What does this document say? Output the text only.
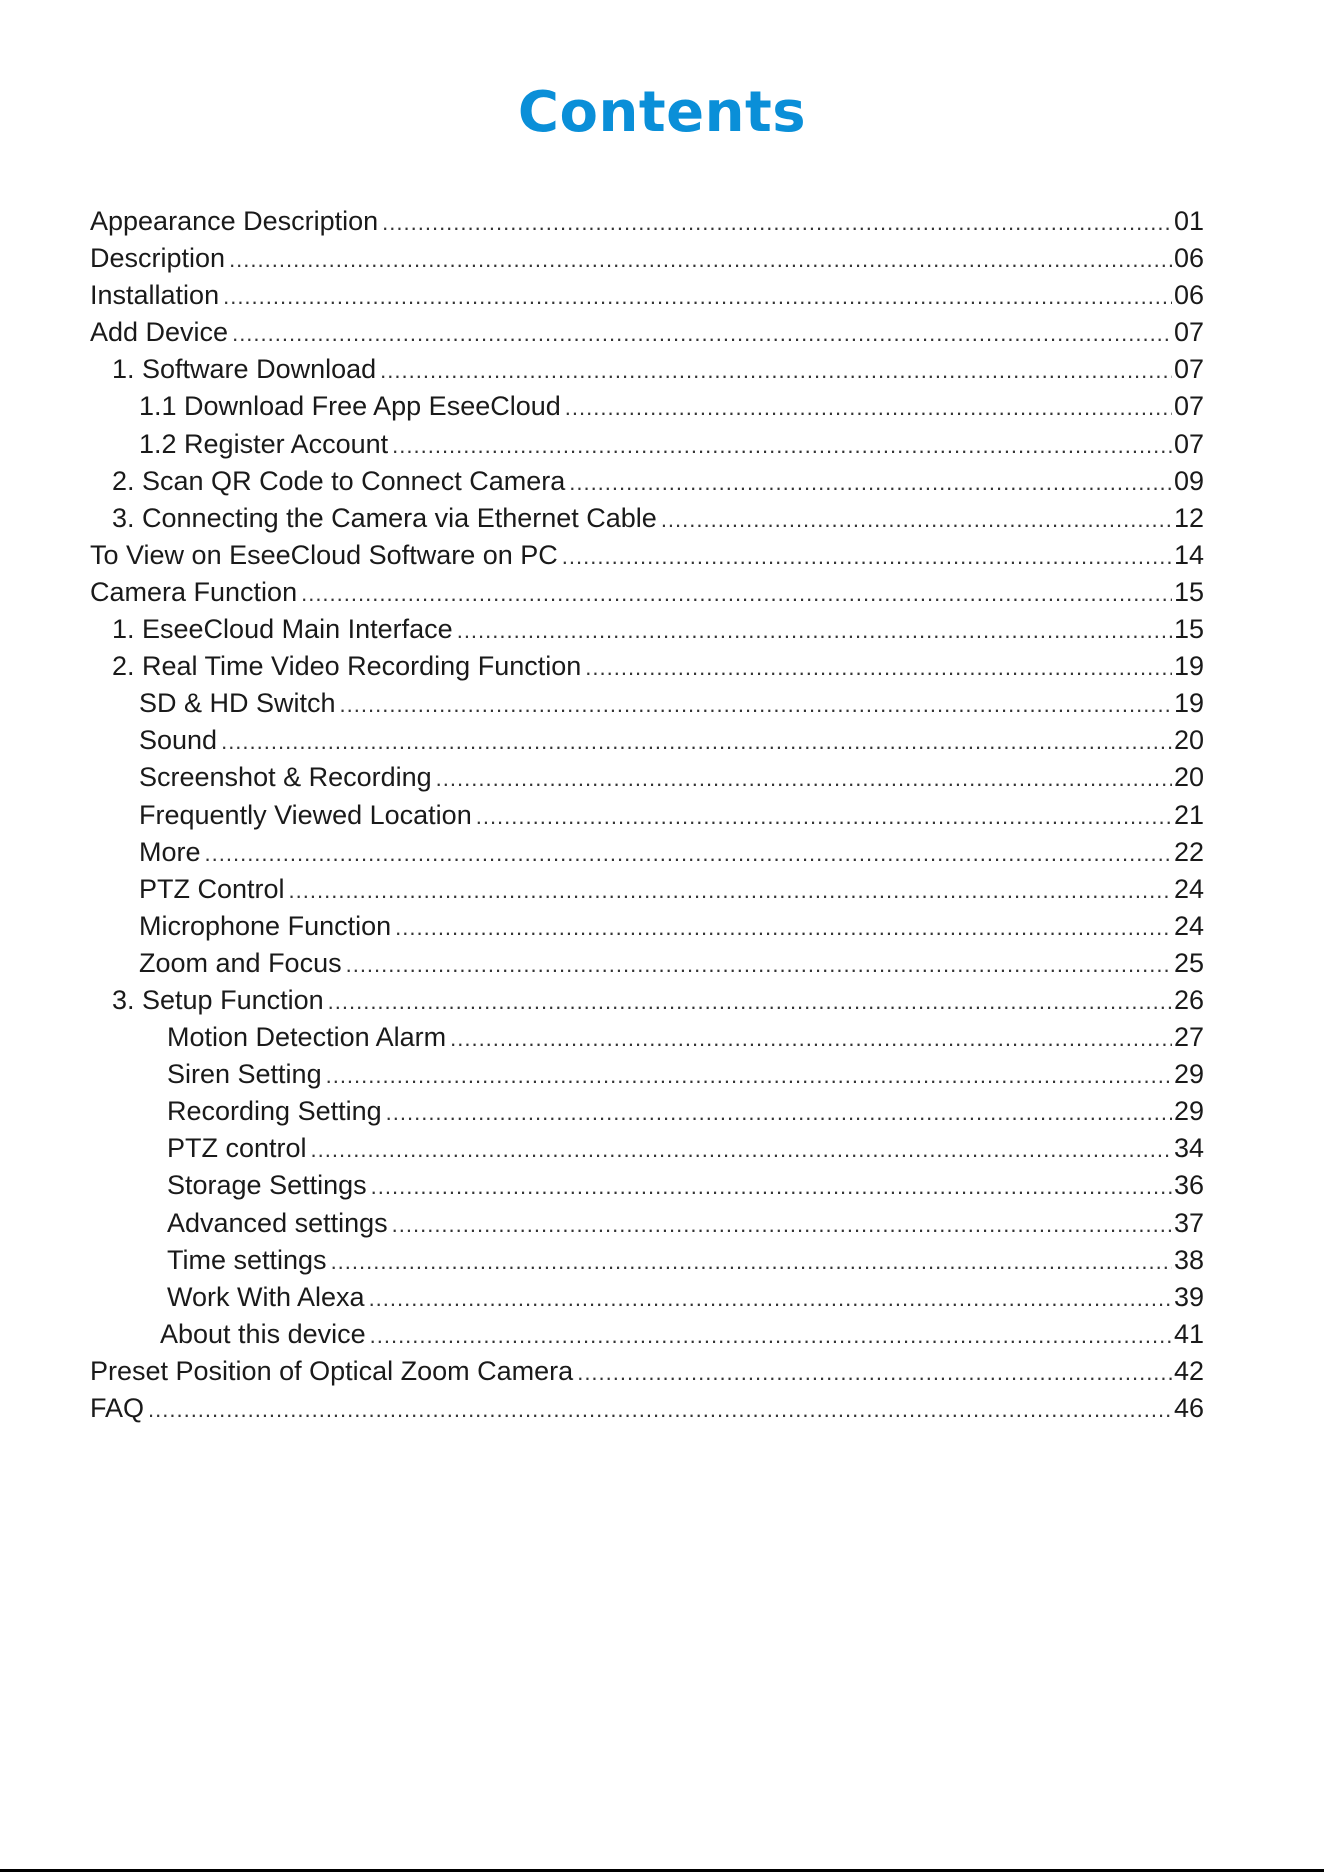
Contents
Appearance Description .....	01
Description .....	06
Installation .....	06
Add Device .....	07
1. Software Download .....	07
1.1 Download Free App EseeCloud .....	07
1.2 Register Account .....	07
2. Scan QR Code to Connect Camera .....	09
3. Connecting the Camera via Ethernet Cable .....	12
To View on EseeCloud Software on PC .....	14
Camera Function .....	15
1. EseeCloud Main Interface .....	15
2. Real Time Video Recording Function .....	19
SD & HD Switch .....	19
Sound .....	20
Screenshot & Recording .....	20
Frequently Viewed Location .....	21
More .....	22
PTZ Control .....	24
Microphone Function .....	24
Zoom and Focus .....	25
3. Setup Function .....	26
Motion Detection Alarm .....	27
Siren Setting .....	29
Recording Setting .....	29
PTZ control .....	34
Storage Settings .....	36
Advanced settings .....	37
Time settings .....	38
Work With Alexa .....	39
About this device .....	41
Preset Position of Optical Zoom Camera .....	42
FAQ .....	46
